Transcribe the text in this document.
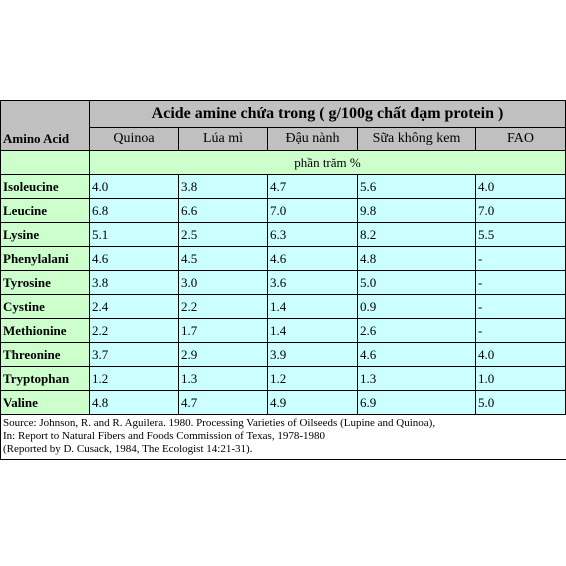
Amino Acid	Acide amine chứa trong ( g/100g chất đạm protein )				
	Quinoa	Lúa mì	Đậu nành	Sữa không kem	FAO
	phần trăm %				
Isoleucine	4.0	3.8	4.7	5.6	4.0
Leucine	6.8	6.6	7.0	9.8	7.0
Lysine	5.1	2.5	6.3	8.2	5.5
Phenylalani	4.6	4.5	4.6	4.8	-
Tyrosine	3.8	3.0	3.6	5.0	-
Cystine	2.4	2.2	1.4	0.9	-
Methionine	2.2	1.7	1.4	2.6	-
Threonine	3.7	2.9	3.9	4.6	4.0
Tryptophan	1.2	1.3	1.2	1.3	1.0
Valine	4.8	4.7	4.9	6.9	5.0
Source: Johnson, R. and R. Aguilera. 1980. Processing Varieties of Oilseeds (Lupine and Quinoa),
In: Report to Natural Fibers and Foods Commission of Texas, 1978-1980
(Reported by D. Cusack, 1984, The Ecologist 14:21-31).
